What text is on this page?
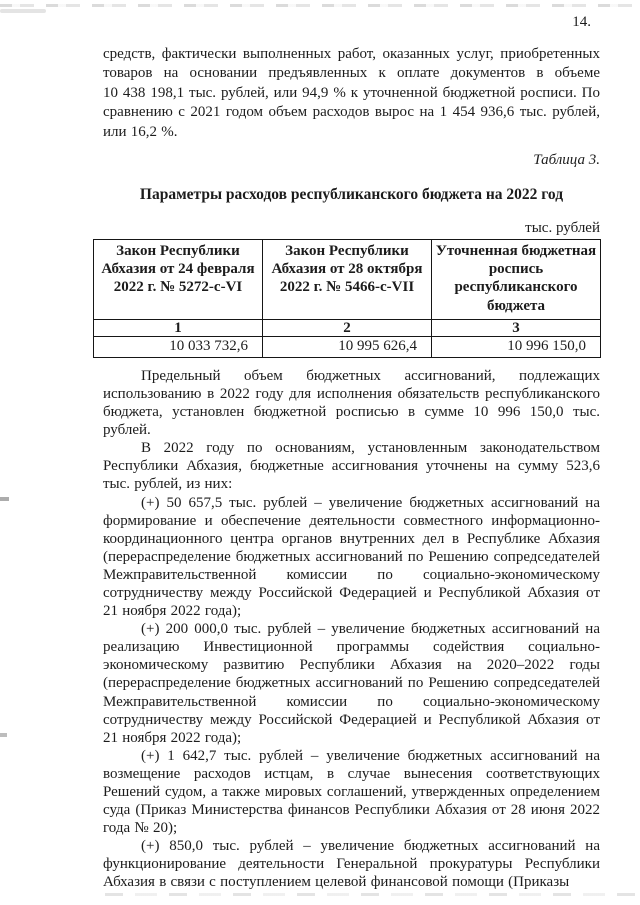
14.

средств, фактически выполненных работ, оказанных услуг, приобретенных товаров на основании предъявленных к оплате документов в объеме 10 438 198,1 тыс. рублей, или 94,9 % к уточненной бюджетной росписи. По сравнению с 2021 годом объем расходов вырос на 1 454 936,6 тыс. рублей, или 16,2 %.

Таблица 3.
Параметры расходов республиканского бюджета на 2022 год
тыс. рублей
Закон Республики Абхазия от 24 февраля 2022 г. № 5272-с-VI	Закон Республики Абхазия от 28 октября 2022 г. № 5466-с-VII	Уточненная бюджетная роспись республиканского бюджета
1	2	3
10 033 732,6	10 995 626,4	10 996 150,0

Предельный объем бюджетных ассигнований, подлежащих использованию в 2022 году для исполнения обязательств республиканского бюджета, установлен бюджетной росписью в сумме 10 996 150,0 тыс. рублей.

В 2022 году по основаниям, установленным законодательством Республики Абхазия, бюджетные ассигнования уточнены на сумму 523,6 тыс. рублей, из них:

(+) 50 657,5 тыс. рублей – увеличение бюджетных ассигнований на формирование и обеспечение деятельности совместного информационно-координационного центра органов внутренних дел в Республике Абхазия (перераспределение бюджетных ассигнований по Решению сопредседателей Межправительственной комиссии по социально-экономическому сотрудничеству между Российской Федерацией и Республикой Абхазия от 21 ноября 2022 года);

(+) 200 000,0 тыс. рублей – увеличение бюджетных ассигнований на реализацию Инвестиционной программы содействия социально-экономическому развитию Республики Абхазия на 2020–2022 годы (перераспределение бюджетных ассигнований по Решению сопредседателей Межправительственной комиссии по социально-экономическому сотрудничеству между Российской Федерацией и Республикой Абхазия от 21 ноября 2022 года);

(+) 1 642,7 тыс. рублей – увеличение бюджетных ассигнований на возмещение расходов истцам, в случае вынесения соответствующих Решений судом, а также мировых соглашений, утвержденных определением суда (Приказ Министерства финансов Республики Абхазия от 28 июня 2022 года № 20);

(+) 850,0 тыс. рублей – увеличение бюджетных ассигнований на функционирование деятельности Генеральной прокуратуры Республики Абхазия в связи с поступлением целевой финансовой помощи (Приказы
